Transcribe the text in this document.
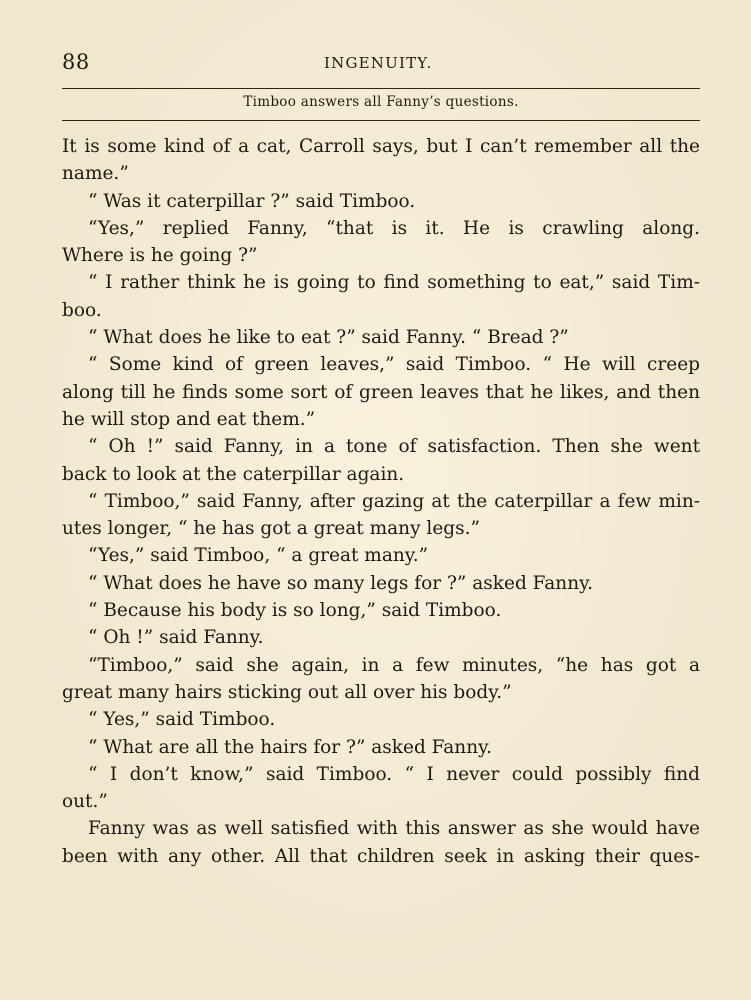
88	INGENUITY.
Timboo answers all Fanny’s questions.
It is some kind of a cat, Carroll says, but I can’t remember all the
name.”
“ Was it caterpillar ?” said Timboo.
“Yes,” replied Fanny, “that is it. He is crawling along.
Where is he going ?”
“ I rather think he is going to find something to eat,” said Tim-
boo.
“ What does he like to eat ?” said Fanny. “ Bread ?”
“ Some kind of green leaves,” said Timboo. “ He will creep
along till he finds some sort of green leaves that he likes, and then
he will stop and eat them.”
“ Oh !” said Fanny, in a tone of satisfaction. Then she went
back to look at the caterpillar again.
“ Timboo,” said Fanny, after gazing at the caterpillar a few min-
utes longer, “ he has got a great many legs.”
“Yes,” said Timboo, “ a great many.”
“ What does he have so many legs for ?” asked Fanny.
“ Because his body is so long,” said Timboo.
“ Oh !” said Fanny.
“Timboo,” said she again, in a few minutes, “he has got a
great many hairs sticking out all over his body.”
“ Yes,” said Timboo.
“ What are all the hairs for ?” asked Fanny.
“ I don’t know,” said Timboo. “ I never could possibly find
out.”
Fanny was as well satisfied with this answer as she would have
been with any other. All that children seek in asking their ques-
